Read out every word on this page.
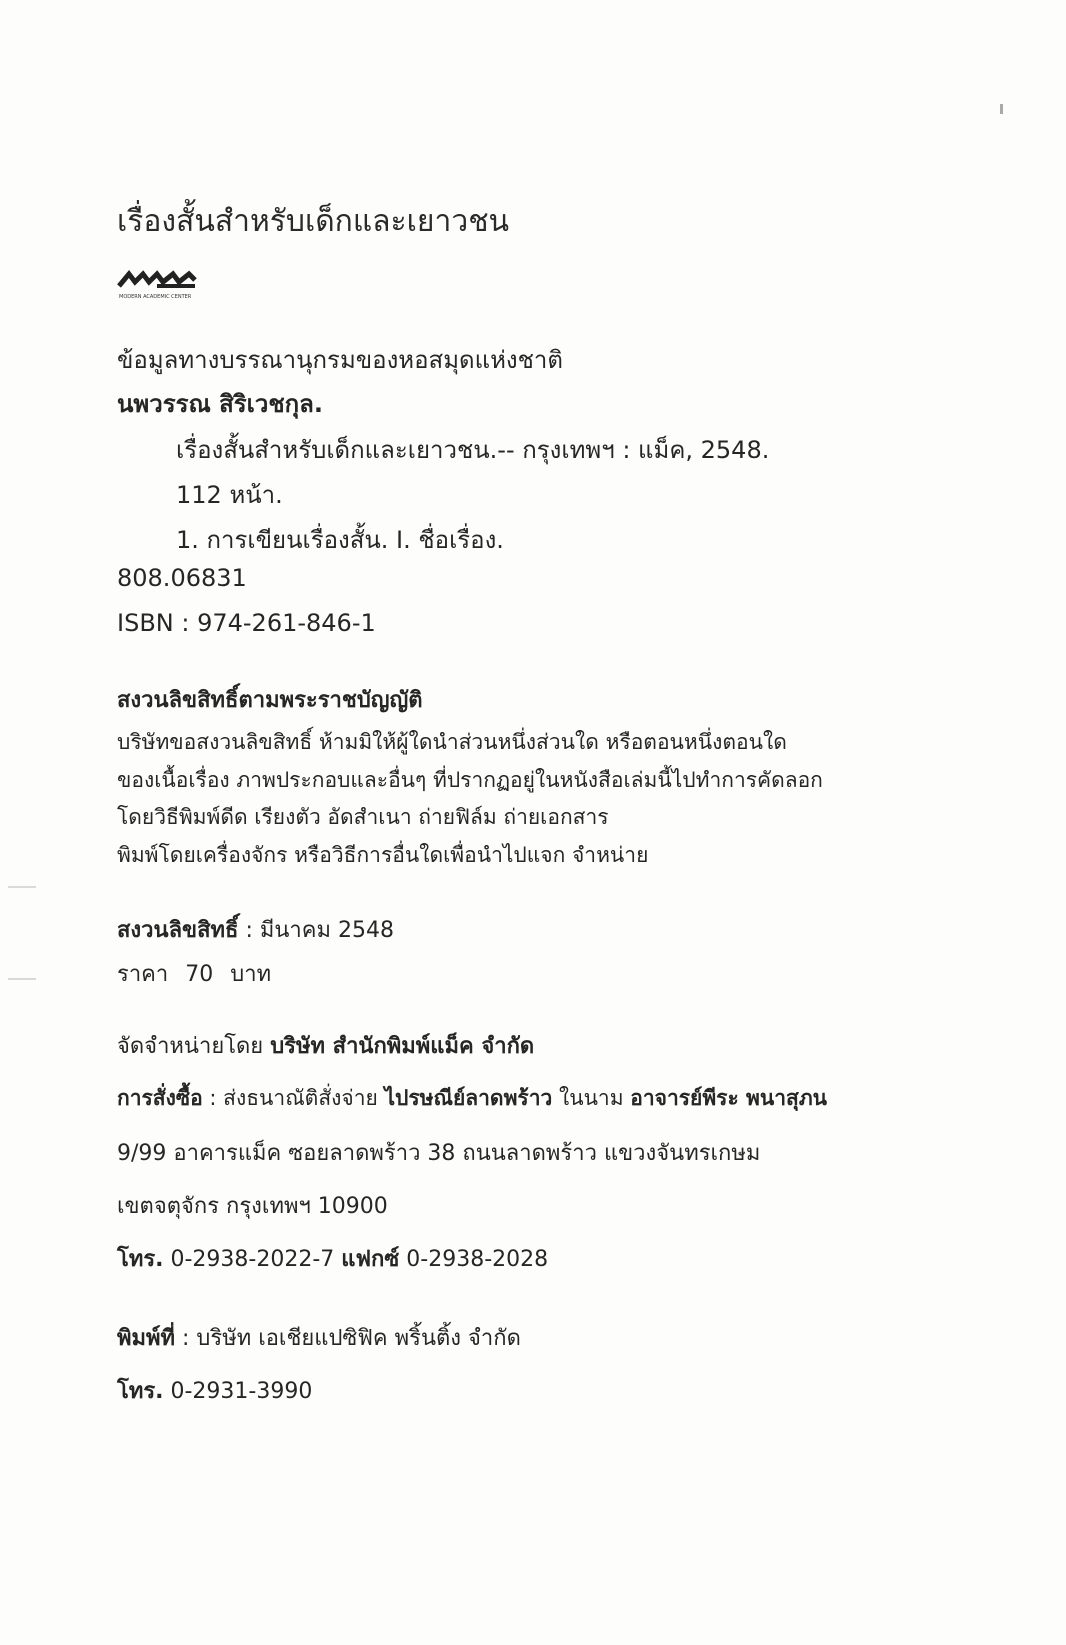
เรื่องสั้นสำหรับเด็กและเยาวชน
MODERN ACADEMIC CENTER
ข้อมูลทางบรรณานุกรมของหอสมุดแห่งชาติ
นพวรรณ สิริเวชกุล.
เรื่องสั้นสำหรับเด็กและเยาวชน.-- กรุงเทพฯ : แม็ค, 2548.
112 หน้า.
1. การเขียนเรื่องสั้น. I. ชื่อเรื่อง.
808.06831
ISBN : 974-261-846-1
สงวนลิขสิทธิ์ตามพระราชบัญญัติ
บริษัทขอสงวนลิขสิทธิ์ ห้ามมิให้ผู้ใดนำส่วนหนึ่งส่วนใด หรือตอนหนึ่งตอนใด
ของเนื้อเรื่อง ภาพประกอบและอื่นๆ ที่ปรากฏอยู่ในหนังสือเล่มนี้ไปทำการคัดลอก
โดยวิธีพิมพ์ดีด เรียงตัว อัดสำเนา ถ่ายฟิล์ม ถ่ายเอกสาร
พิมพ์โดยเครื่องจักร หรือวิธีการอื่นใดเพื่อนำไปแจก จำหน่าย
สงวนลิขสิทธิ์ : มีนาคม 2548
ราคา 70 บาท
จัดจำหน่ายโดย บริษัท สำนักพิมพ์แม็ค จำกัด
การสั่งซื้อ : ส่งธนาณัติสั่งจ่าย ไปรษณีย์ลาดพร้าว ในนาม อาจารย์พีระ พนาสุภน
9/99 อาคารแม็ค ซอยลาดพร้าว 38 ถนนลาดพร้าว แขวงจันทรเกษม
เขตจตุจักร กรุงเทพฯ 10900
โทร. 0-2938-2022-7 แฟกซ์ 0-2938-2028
พิมพ์ที่ : บริษัท เอเชียแปซิฟิค พริ้นติ้ง จำกัด
โทร. 0-2931-3990
